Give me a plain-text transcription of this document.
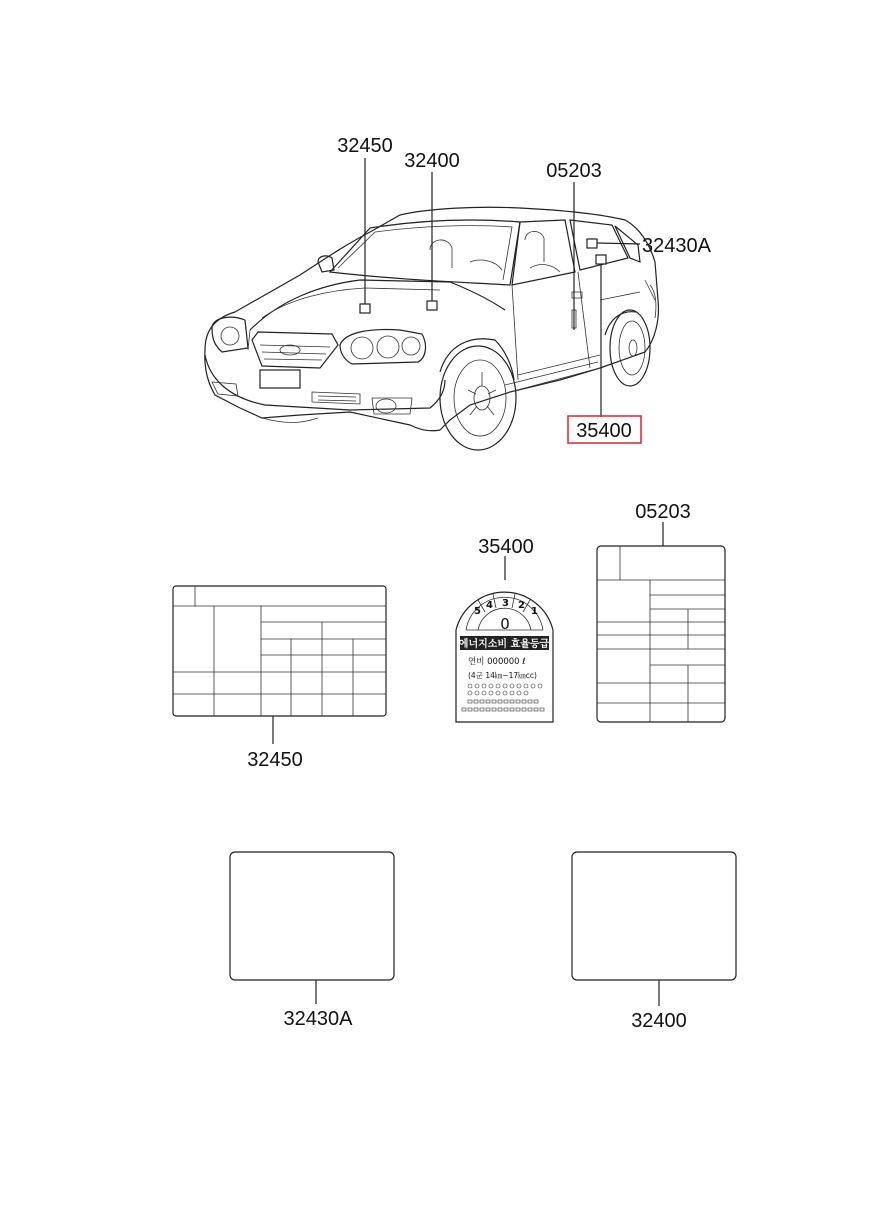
32450
32400	05203
32430A
35400
32450
5
4 3 2
1
0
에너지소비 효율등급
연비 000000 ℓ
(4군 14㎞~17㎞cc)
35400
05203
32430A	32400
